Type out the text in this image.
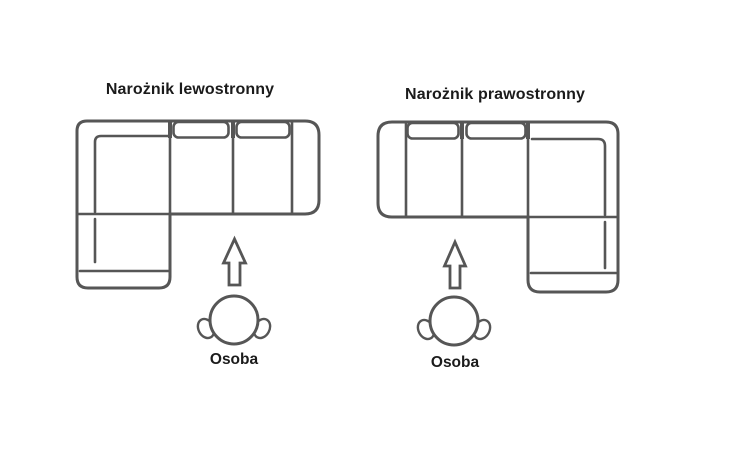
Narożnik lewostronny
Osoba
Narożnik prawostronny
Osoba
